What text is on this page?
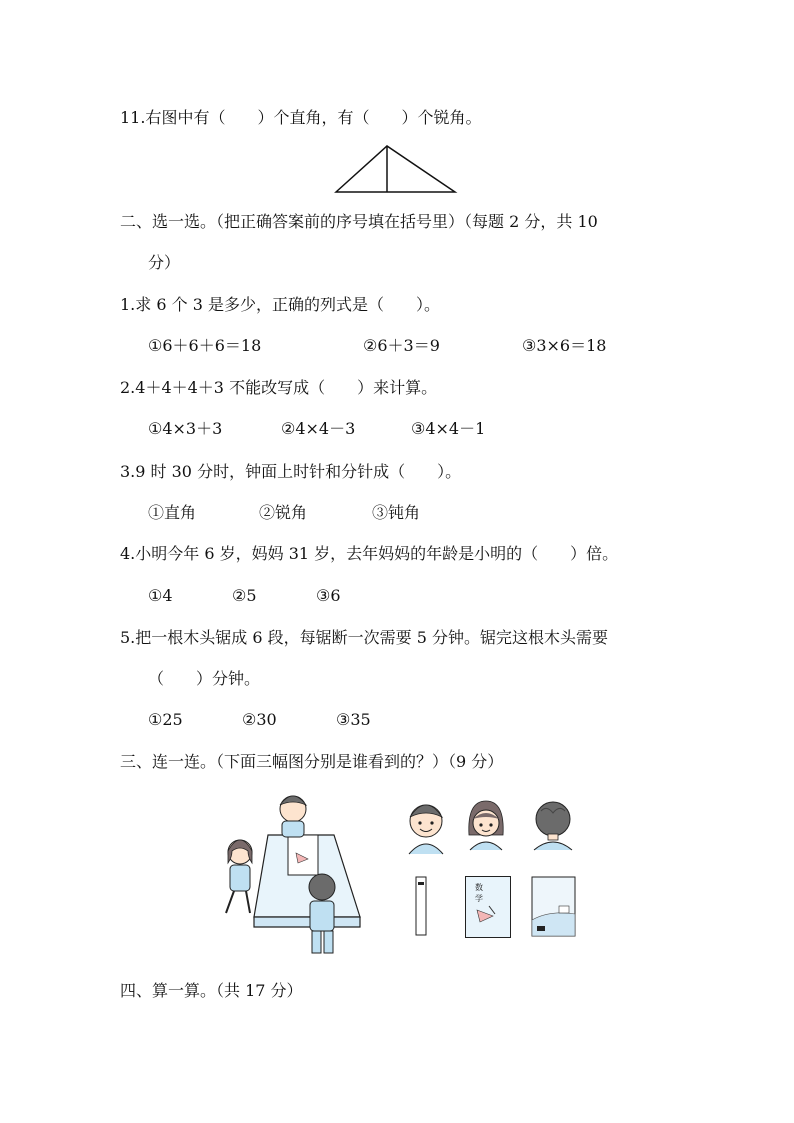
11.右图中有（　　）个直角，有（　　）个锐角。
二、选一选。（把正确答案前的序号填在括号里）（每题 2 分，共 10
分）
1.求 6 个 3 是多少，正确的列式是（　　）。
①6＋6＋6＝18	②6＋3＝9	③3×6＝18
2.4＋4＋4＋3 不能改写成（　　）来计算。
①4×3＋3	②4×4－3	③4×4－1
3.9 时 30 分时，钟面上时针和分针成（　　）。
①直角	②锐角	③钝角
4.小明今年 6 岁，妈妈 31 岁，去年妈妈的年龄是小明的（　　）倍。
①4	②5	③6
5.把一根木头锯成 6 段，每锯断一次需要 5 分钟。锯完这根木头需要
（　　）分钟。
①25	②30	③35
三、连一连。（下面三幅图分别是谁看到的？）（9 分）
数 学
四、算一算。（共 17 分）
